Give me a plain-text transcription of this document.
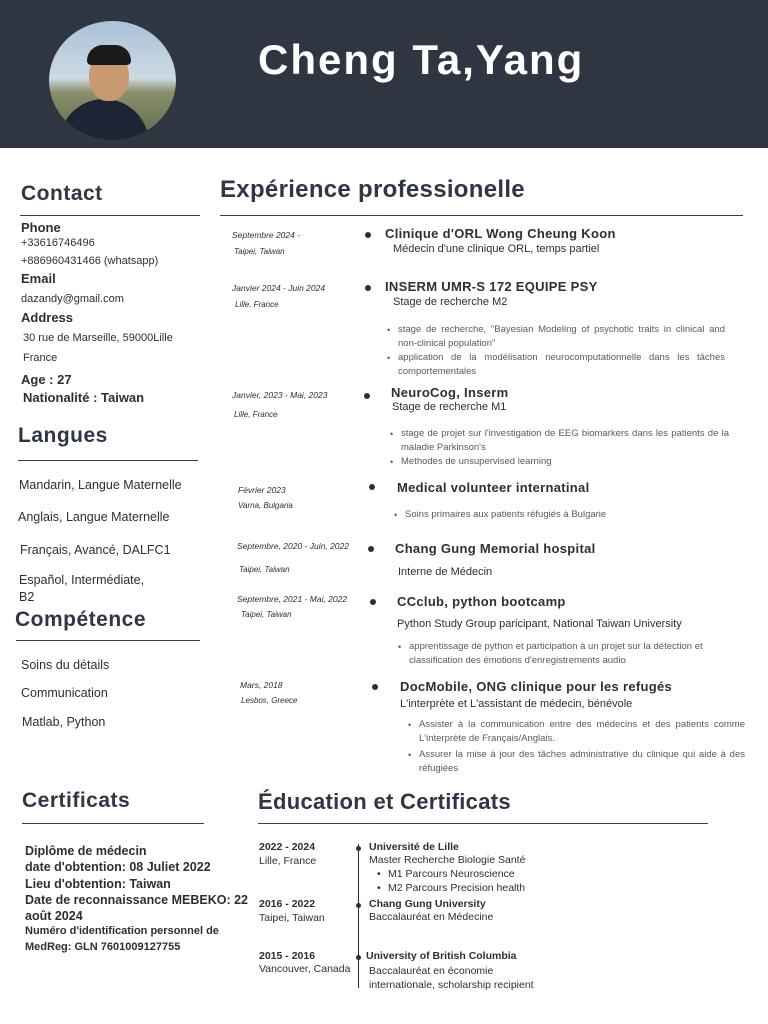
Cheng Ta,Yang
Contact
Phone
+33616746496
+886960431466 (whatsapp)
Email
dazandy@gmail.com
Address
30 rue de Marseille, 59000Lille
France
Age : 27
Nationalité : Taiwan
Langues
Mandarin, Langue Maternelle
Anglais, Langue Maternelle
Français, Avancé, DALFC1
Español, Intermédiate,
B2
Compétence
Soins du détails
Communication
Matlab, Python
Certificats
Diplôme de médecin
date d'obtention: 08 Juliet 2022
Lieu d'obtention: Taiwan
Date de reconnaissance MEBEKO: 22
août 2024
Numéro d'identification personnel de
MedReg: GLN 7601009127755
Expérience professionelle
Septembre 2024 -
Taipei, Taiwan
Clinique d'ORL Wong Cheung Koon
Médecin d'une clinique ORL, temps partiel
Janvier 2024 - Juin 2024
Lille, France
INSERM UMR-S 172 EQUIPE PSY
Stage de recherche M2
• stage de recherche, "Bayesian Modeling of psychotic traits in clinical and non-clinical population"
• application de la modélisation neurocomputationnelle dans les tâches comportementales
Janvier, 2023 - Mai, 2023
Lille, France
NeuroCog, Inserm
Stage de recherche M1
• stage de projet sur l'investigation de EEG biomarkers dans les patients de la maladie Parkinson's
• Methodes de unsupervised learning
Février 2023
Varna, Bulgaria
Medical volunteer internatinal
• Soins primaires aux patients réfugiés à Bulgarie
Septembre, 2020 - Juin, 2022
Taipei, Taiwan
Chang Gung Memorial hospital
Interne de Médecin
Septembre, 2021 - Mai, 2022
Taipei, Taiwan
CCclub, python bootcamp
Python Study Group paricipant, National Taiwan University
• apprentissage de python et participation à un projet sur la détection et classification des émotions d'enregistrements audio
Mars, 2018
Lesbos, Greece
DocMobile, ONG clinique pour les refugés
L'interprète et L'assistant de médecin, bénévole
• Assister à la communication entre des médecins et des patients comme L'interprète de Français/Anglais.
• Assurer la mise à jour des tâches administrative du clinique qui aide à des réfugiées
Éducation et Certificats
2022 - 2024
Lille, France
Université de Lille
Master Recherche Biologie Santé
• M1 Parcours Neuroscience
• M2 Parcours Precision health
2016 - 2022
Taipei, Taiwan
Chang Gung University
Baccalauréat en Médecine
2015 - 2016
Vancouver, Canada
University of British Columbia
Baccalauréat en économie
internationale, scholarship recipient
